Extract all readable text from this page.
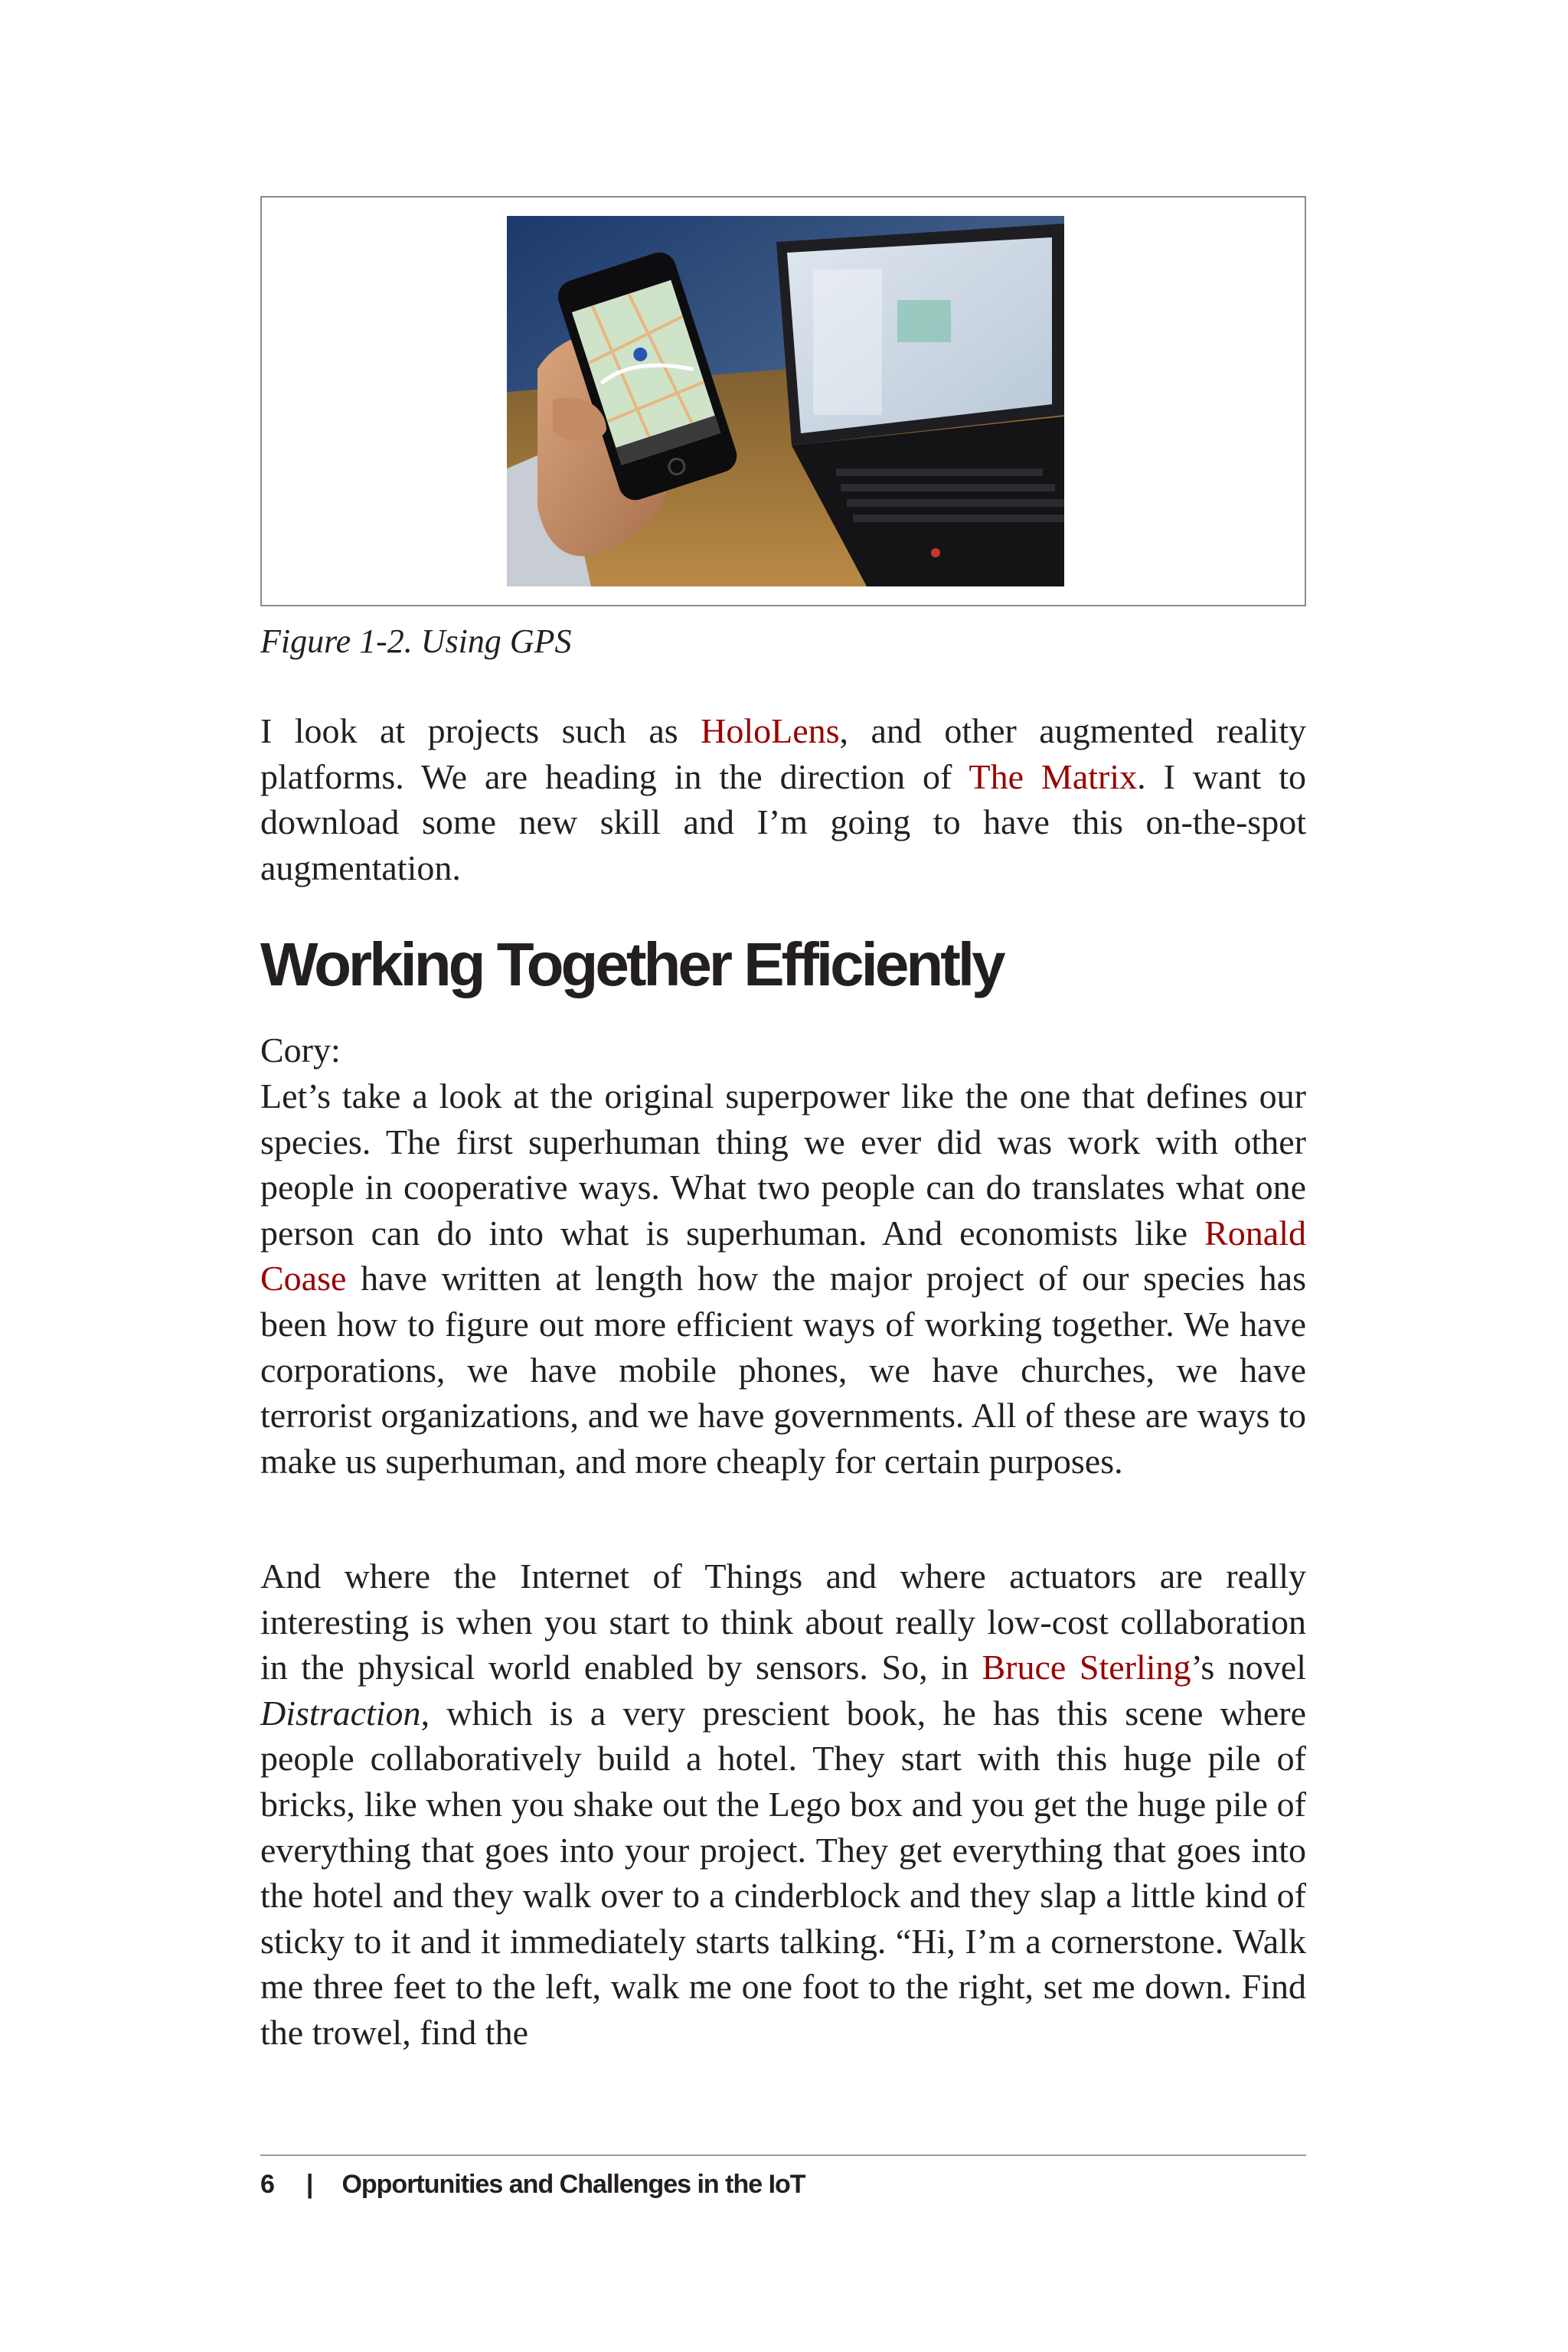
Figure 1-2. Using GPS

I look at projects such as HoloLens, and other augmented reality platforms. We are heading in the direction of The Matrix. I want to download some new skill and I’m going to have this on-the-spot augmentation.

Working Together Efficiently

Cory:

Let’s take a look at the original superpower like the one that defines our species. The first superhuman thing we ever did was work with other people in cooperative ways. What two people can do translates what one person can do into what is superhuman. And economists like Ronald Coase have written at length how the major project of our species has been how to figure out more efficient ways of working together. We have corporations, we have mobile phones, we have churches, we have terrorist organizations, and we have governments. All of these are ways to make us superhuman, and more cheaply for certain purposes.

And where the Internet of Things and where actuators are really interesting is when you start to think about really low-cost collaboration in the physical world enabled by sensors. So, in Bruce Sterling’s novel Distraction, which is a very prescient book, he has this scene where people collaboratively build a hotel. They start with this huge pile of bricks, like when you shake out the Lego box and you get the huge pile of everything that goes into your project. They get everything that goes into the hotel and they walk over to a cinderblock and they slap a little kind of sticky to it and it immediately starts talking. “Hi, I’m a cornerstone. Walk me three feet to the left, walk me one foot to the right, set me down. Find the trowel, find the

6 | Opportunities and Challenges in the IoT
